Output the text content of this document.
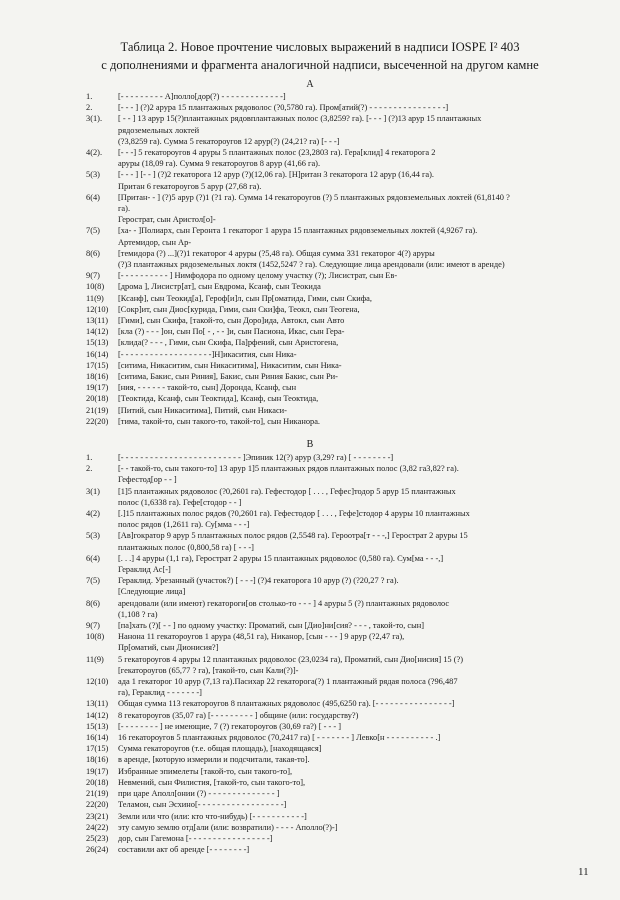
Таблица 2. Новое прочтение числовых выражений в надписи IOSPE I² 403
с дополнениями и фрагмента аналогичной надписи, высеченной на другом камне
A
1.	[- - - - - - - - - А]полло[дор(?) - - - - - - - - - - - - -]
2.	[- - - ] (?)2 арура 15 плантажных рядоволос (?0,5780 га). Пром[атий(?) - - - - - - - - - - - - - - - -]
3(1).	[ - - ] 13 арур 15(?)плантажных рядовплантажных полос (3,8259? га). [- - - ] (?)13 арур 15 плантажных
рядоземельных локтей
(?3,8259 га). Сумма 5 гекатороугов 12 арур(?) (24,21? га) [- - -]
4(2).	[- - -] 5 гекатороугов 4 аруры 5 плантажных полос (23,2803 га). Гера[клид] 4 гекаторога 2
аруры (18,09 га). Сумма 9 гекатороугов 8 арур (41,66 га).
5(3)	[- - - ] [- - ] (?)2 гекаторога 12 арур (?)(12,06 га). [Н]ритан 3 гекаторога 12 арур (16,44 га).
Притан 6 гекатороугов 5 арур (27,68 га).
6(4)	[Притан- - ] (?)5 арур (?)1 (?1 га). Сумма 14 гекатороугов (?) 5 плантажных рядовземельных локтей (61,8140 ?
га).
Герострат, сын Аристол[о]-
7(5)	[ха- - ]Полиарх, сын Геронта 1 гекаторог 1 арура 15 плантажных рядовземельных локтей (4,9267 га).
Артемидор, сын Ар-
8(6)	[темидора (?) ...](?)1 гекаторог 4 аруры (?5,48 га). Общая сумма 331 гекаторог 4(?) аруры
(?)3 плантажных рядоземельных локтя (1452,5247 ? га). Следующие лица арендовали (или: имеют в аренде)
9(7)	[- - - - - - - - - - ] Нимфодора по одному целому участку (?); Лисистрат, сын Ев-
10(8)	[дрома ], Лисистр[ат], сын Евдрома, Ксанф, сын Теокида
11(9)	[Ксанф], сын Теокид[а], Героф[и]л, сын Пр[оматида, Гими, сын Скифа,
12(10)	[Сокр]ит, сын Диос[курида, Гими, сын Ски]фа, Теокл, сын Теогена,
13(11)	[Гими], сын Скифа, [такой-то, сын Доро]ида, Автокл, сын Авто
14(12)	[кла (?) - - - ]он, сын По[ - , - - ]и, сын Пасиона, Икас, сын Гера-
15(13)	[клида(? - - - , Гими, сын Скифа, Па]рфений, сын Аристогена,
16(14)	[- - - - - - - - - - - - - - - - - - -]Н]икасития, сын Ника-
17(15)	[ситима, Никаситим, сын Никаситима], Никаситим, сын Ника-
18(16)	[ситима, Бакис, сын Риния], Бакис, сын Риния Бакис, сын Ри-
19(17)	[ния, - - - - - - такой-то, сын] Доронда, Ксанф, сын
20(18)	[Теоктида, Ксанф, сын Теоктида], Ксанф, сын Теоктида,
21(19)	[Питий, сын Никаситима], Питий, сын Никаси-
22(20)	[тима, такой-то, сын такого-то, такой-то], сын Никанора.
B
1.	[- - - - - - - - - - - - - - - - - - - - - - - - - ]Эпиник 12(?) арур (3,29? га) [ - - - - - - - -]
2.	[- - такой-то, сын такого-то] 13 арур 1]5 плантажных рядов плантажных полос (3,82 га3,82? га).
Гефестод[ор - - ]
3(1)	[1]5 плантажных рядоволос (?0,2601 га). Гефестодор [ . . . , Гефес]тодор 5 арур 15 плантажных
полос (1,6338 га). Гефе[стодор - - ]
4(2)	[.]15 плантажных полос рядов (?0,2601 га). Гефестодор [ . . . , Гефе]стодор 4 аруры 10 плантажных
полос рядов (1,2611 га). Су[мма - - -]
5(3)	[Ав]гократор 9 арур 5 плантажных полос рядов (2,5548 га). Героотра[т - - -,] Герострат 2 аруры 15
плантажных полос (0,800,58 га) [ - - -]
6(4)	[. . .] 4 аруры (1,1 га), Герострат 2 аруры 15 плантажных рядоволос (0,580 га). Сум[ма - - -,]
Гераклид Ас[-]
7(5)	Гераклид. Урезанный (участок?) [ - - -] (?)4 гекаторога 10 арур (?) (?20,27 ? га).
[Следующие лица]
8(6)	арендовали (или имеют) гекатороги[ов столько-то - - - ] 4 аруры 5 (?) плантажных рядоволос
(1,108 ? га)
9(7)	[па]хать (?)[ - - ] по одному участку: Проматий, сын [Дио]ни[сия? - - - , такой-то, сын]
10(8)	Нанона 11 гекатороугов 1 арура (48,51 га), Никанор, [сын - - - ] 9 арур (?2,47 га),
Пр[оматий, сын Дионисия?]
11(9)	5 гекатороугов 4 аруры 12 плантажных рядоволос (23,0234 га), Проматий, сын Дио[нисия] 15 (?)
[гекатороугов (65,77 ? га), [такой-то, сын Кали(?)]-
12(10)	ада 1 гекаторог 10 арур (7,13 га).Пасихар 22 гекаторога(?) 1 плантажный рядая полоса (?96,487
га), Гераклид - - - - - - -]
13(11)	Общая сумма 113 гекатороугов 8 плантажных рядоволос (495,6250 га). [- - - - - - - - - - - - - - - -]
14(12)	8 гекатороугов (35,07 га) [- - - - - - - - - ] общине (или: государству?)
15(13)	[- - - - - - - - ] не имеющие, 7 (?) гекатороугов (30,69 га?) [ - - - ]
16(14)	16 гекатороугов 5 плантажных рядоволос (70,2417 га) [ - - - - - - - ] Левко[н - - - - - - - - - - .]
17(15)	Сумма гекатороугов (т.е. общая площадь), [находящаяся]
18(16)	в аренде, [которую измерили и подсчитали, такая-то].
19(17)	Избранные эпимелеты [такой-то, сын такого-то],
20(18)	Невмений, сын Филистия, [такой-то, сын такого-то],
21(19)	при царе Аполл[онии (?) - - - - - - - - - - - - - - ]
22(20)	Теламон, сын Эсхино[- - - - - - - - - - - - - - - - - -]
23(21)	Земли или что (или: кто что-нибудь) [- - - - - - - - - - -]
24(22)	эту самую землю отд[али (или: возвратили) - - - - Аполло(?)-]
25(23)	дор, сын Гагемона [- - - - - - - - - - - - - - - - -]
26(24)	составили акт об аренде [- - - - - - - -]
11
